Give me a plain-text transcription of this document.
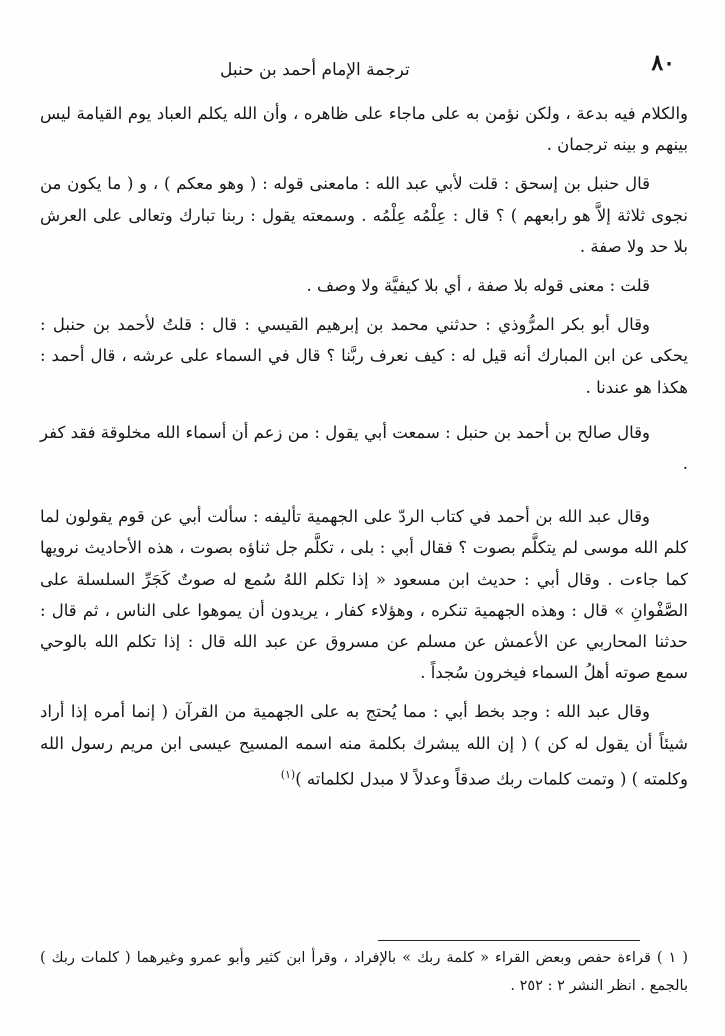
٨٠
ترجمة الإمام أحمد بن حنبل

والكلام فيه بدعة ، ولكن نؤمن به على ماجاء على ظاهره ، وأن الله يكلم العباد يوم القيامة ليس بينهم و بينه ترجمان .

قال حنبل بن إسحق : قلت لأبي عبد الله : مامعنى قوله : ( وهو معكم ) ، و ( ما يكون من نجوى ثلاثة إلاَّ هو رابعهم ) ؟ قال : عِلْمُه عِلْمُه . وسمعته يقول : ربنا تبارك وتعالى على العرش بلا حد ولا صفة .

قلت : معنى قوله بلا صفة ، أي بلا كيفيَّة ولا وصف .

وقال أبو بكر المرُّوذي : حدثني محمد بن إبرهيم القيسي : قال : قلتُ لأحمد بن حنبل : يحكى عن ابن المبارك أنه قيل له : كيف نعرف ربَّنا ؟ قال في السماء على عرشه ، قال أحمد : هكذا هو عندنا .

وقال صالح بن أحمد بن حنبل : سمعت أبي يقول : من زعم أن أسماء الله مخلوقة فقد كفر .

وقال عبد الله بن أحمد في كتاب الردّ على الجهمية تأليفه : سألت أبي عن قوم يقولون لما كلم الله موسى لم يتكلَّم بصوت ؟ فقال أبي : بلى ، تكلَّم جل ثناؤه بصوت ، هذه الأحاديث نرويها كما جاءت . وقال أبي : حديث ابن مسعود « إذا تكلم اللهُ سُمع له صوتٌ كَجَرِّ السلسلة على الصَّفْوانِ » قال : وهذه الجهمية تنكره ، وهؤلاء كفار ، يريدون أن يموهوا على الناس ، ثم قال : حدثنا المحاربي عن الأعمش عن مسلم عن مسروق عن عبد الله قال : إذا تكلم الله بالوحي سمع صوته أهلُ السماء فيخرون سُجداً .

وقال عبد الله : وجد بخط أبي : مما يُحتج به على الجهمية من القرآن ( إنما أمره إذا أراد شيئاً أن يقول له كن ) ( إن الله يبشرك بكلمة منه اسمه المسيح عيسى ابن مريم رسول الله وكلمته ) ( وتمت كلمات ربك صدقاً وعدلاً لا مبدل لكلماته )$^{(١)}$

( ١ ) قراءة حفص وبعض القراء « كلمة ربك » بالإفراد ، وقرأ ابن كثير وأبو عمرو وغيرهما ( كلمات ربك ) بالجمع . انظر النشر ٢ : ٢٥٢ .
